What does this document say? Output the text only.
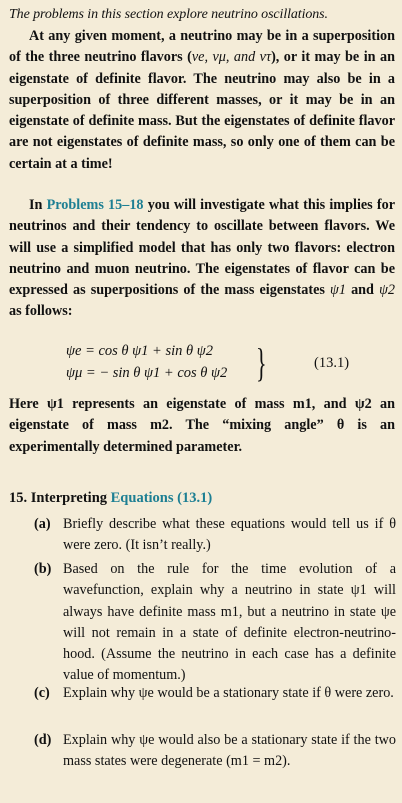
The problems in this section explore neutrino oscillations.

At any given moment, a neutrino may be in a superposition of the three neutrino flavors (νe, νμ, and ντ), or it may be in an eigenstate of definite flavor. The neutrino may also be in a superposition of three different masses, or it may be in an eigenstate of definite mass. But the eigenstates of definite flavor are not eigenstates of definite mass, so only one of them can be certain at a time!

In Problems 15–18 you will investigate what this implies for neutrinos and their tendency to oscillate between flavors. We will use a simplified model that has only two flavors: electron neutrino and muon neutrino. The eigenstates of flavor can be expressed as superpositions of the mass eigenstates ψ1 and ψ2 as follows:

ψe = cos θ ψ1 + sin θ ψ2
ψμ = − sin θ ψ1 + cos θ ψ2 }	(13.1)

Here ψ1 represents an eigenstate of mass m1, and ψ2 an eigenstate of mass m2. The “mixing angle” θ is an experimentally determined parameter.

15. Interpreting Equations (13.1)
(a) Briefly describe what these equations would tell us if θ were zero. (It isn’t really.)
(b) Based on the rule for the time evolution of a wavefunction, explain why a neutrino in state ψ1 will always have definite mass m1, but a neutrino in state ψe will not remain in a state of definite electron-neutrino-hood. (Assume the neutrino in each case has a definite value of momentum.)
(c) Explain why ψe would be a stationary state if θ were zero.
(d) Explain why ψe would also be a stationary state if the two mass states were degenerate (m1 = m2).
